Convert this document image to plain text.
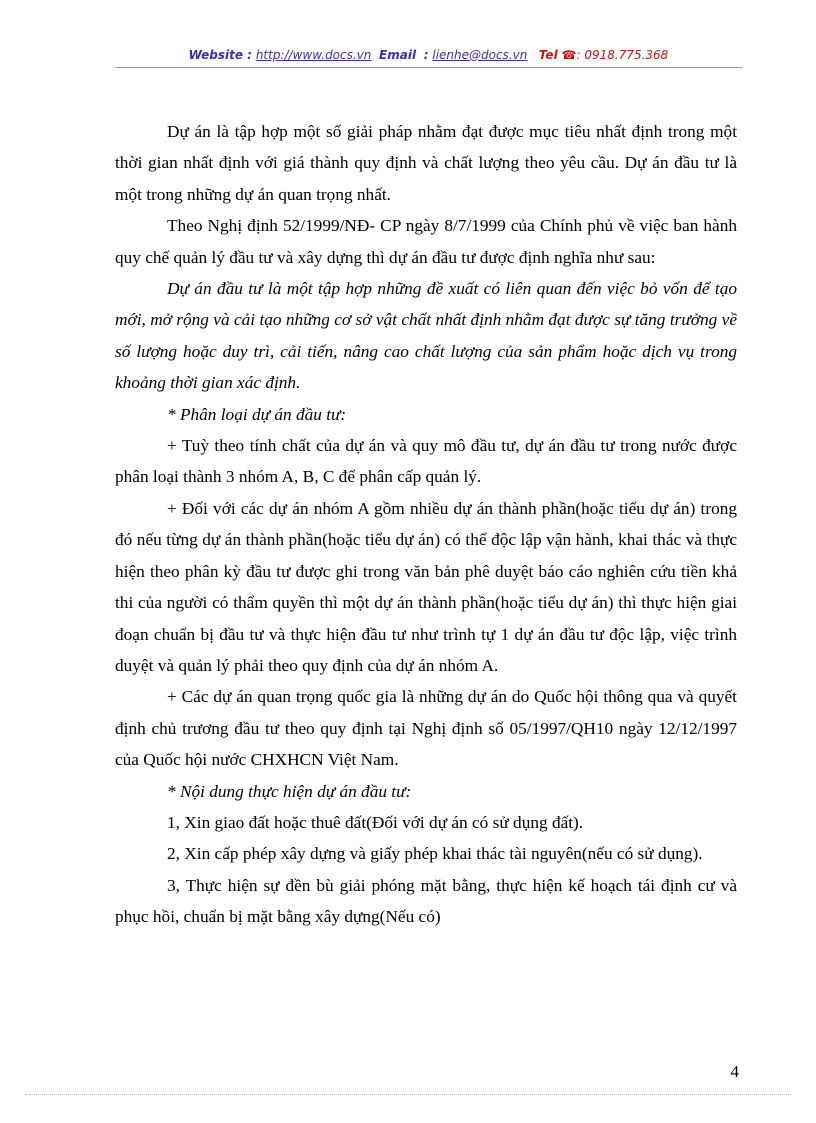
Website : http://www.docs.vn Email : lienhe@docs.vn Tel ☎: 0918.775.368

Dự án là tập hợp một số giải pháp nhằm đạt được mục tiêu nhất định trong một thời gian nhất định với giá thành quy định và chất lượng theo yêu cầu. Dự án đầu tư là một trong những dự án quan trọng nhất.

Theo Nghị định 52/1999/NĐ- CP ngày 8/7/1999 của Chính phủ về việc ban hành quy chế quản lý đầu tư và xây dựng thì dự án đầu tư được định nghĩa như sau:

Dự án đầu tư là một tập hợp những đề xuất có liên quan đến việc bỏ vốn để tạo mới, mở rộng và cải tạo những cơ sở vật chất nhất định nhằm đạt được sự tăng trưởng về số lượng hoặc duy trì, cải tiến, nâng cao chất lượng của sản phẩm hoặc dịch vụ trong khoảng thời gian xác định.

* Phân loại dự án đầu tư:

+ Tuỳ theo tính chất của dự án và quy mô đầu tư, dự án đầu tư trong nước được phân loại thành 3 nhóm A, B, C để phân cấp quản lý.

+ Đối với các dự án nhóm A gồm nhiều dự án thành phần(hoặc tiểu dự án) trong đó nếu từng dự án thành phần(hoặc tiểu dự án) có thể độc lập vận hành, khai thác và thực hiện theo phân kỳ đầu tư được ghi trong văn bản phê duyệt báo cáo nghiên cứu tiền khả thi của người có thẩm quyền thì một dự án thành phần(hoặc tiểu dự án) thì thực hiện giai đoạn chuẩn bị đầu tư và thực hiện đầu tư như trình tự 1 dự án đầu tư độc lập, việc trình duyệt và quản lý phải theo quy định của dự án nhóm A.

+ Các dự án quan trọng quốc gia là những dự án do Quốc hội thông qua và quyết định chủ trương đầu tư theo quy định tại Nghị định số 05/1997/QH10 ngày 12/12/1997 của Quốc hội nước CHXHCN Việt Nam.

* Nội dung thực hiện dự án đầu tư:

1, Xin giao đất hoặc thuê đất(Đối với dự án có sử dụng đất).

2, Xin cấp phép xây dựng và giấy phép khai thác tài nguyên(nếu có sử dụng).

3, Thực hiện sự đền bù giải phóng mặt bằng, thực hiện kế hoạch tái định cư và phục hồi, chuẩn bị mặt bằng xây dựng(Nếu có)

4
